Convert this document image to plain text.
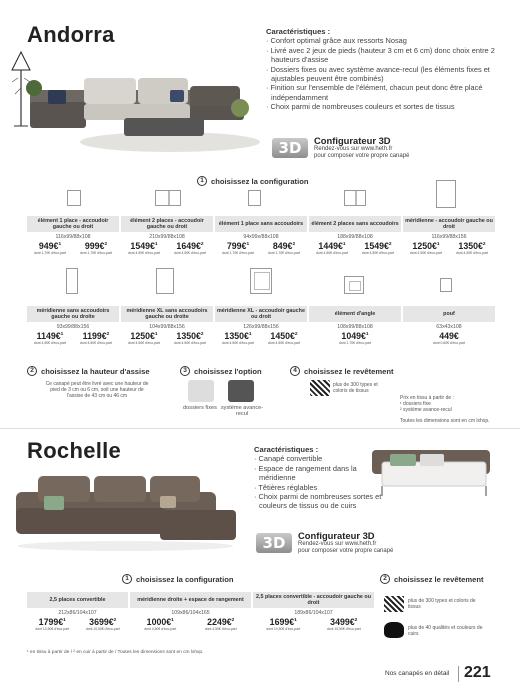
Andorra	Caractéristiques :
· Confort optimal grâce aux ressorts Nosag
· Livré avec 2 jeux de pieds (hauteur 3 cm et 6 cm) donc choix entre 2 hauteurs d'assise
· Dossiers fixes ou avec système avance-recul (les éléments fixes et ajustables peuvent être combinés)
· Finition sur l'ensemble de l'élément, chacun peut donc être placé indépendamment
· Choix parmi de nombreuses couleurs et sortes de tissus
3D	Configurateur 3D
Rendez-vous sur www.heth.fr
pour composer votre propre canapé
1 choisissez la configuration
élément 1 place - accoudoir gauche ou droit
116x99/88x108
949€$^1$	999€$^2$
dont 1,70€ d'éco-part	dont 1,70€ d'éco-part
élément 2 places - accoudoir gauche ou droit
210x99/88x108
1549€$^1$	1649€$^2$
dont 4,50€ d'éco-part	dont 4,50€ d'éco-part
élément 1 place sans accoudoirs
94x99x/88x108
799€$^1$	849€$^2$
dont 1,70€ d'éco-part	dont 1,70€ d'éco-part
élément 2 places sans accoudoirs
188x99/88x108
1449€$^1$	1549€$^2$
dont 4,50€ d'éco-part	dont 4,50€ d'éco-part
méridienne - accoudoir gauche ou droit
116x99/88x156
1250€$^1$	1350€$^2$
dont 4,50€ d'éco-part	dont 4,50€ d'éco-part
méridienne sans accoudoirs gauche ou droite
93x99/88x156
1149€$^1$	1199€$^2$
dont 4,50€ d'éco-part	dont 4,50€ d'éco-part
méridienne XL sans accoudoirs gauche ou droite
104x99/88x156
1250€$^1$	1350€$^2$
dont 4,50€ d'éco-part	dont 4,50€ d'éco-part
méridienne XL - accoudoir gauche ou droit
126x99/88x156
1350€$^1$	1450€$^2$
dont 4,50€ d'éco-part	dont 4,50€ d'éco-part
élément d'angle
108x99/88x108
1049€$^1$
dont 1,70€ d'éco-part
pouf
63x43x108
449€
dont 0,60€ d'éco-part
2 choisissez la hauteur d'assise
Ce canapé peut être livré avec une hauteur de pied de 3 cm ou 6 cm, soit une hauteur de l'assise de 43 cm ou 46 cm
3 choisissez l'option
dossiers fixes système avance-recul
4 choisissez le revêtement
plus de 300 types et coloris de tissus
Prix en tissu à partir de :
¹ dossiers fixe
² système avance-recul
Toutes les dimensions sont en cm lxhxp.
Rochelle	Caractéristiques :
· Canapé convertible
· Espace de rangement dans la méridienne
· Têtières réglables
· Choix parmi de nombreuses sortes et couleurs de tissus ou de cuirs
3D	Configurateur 3D
Rendez-vous sur www.heth.fr
pour composer votre propre canapé
1 choisissez la configuration
2,5 places convertible
212x86/104x107
1799€$^1$	3699€$^2$
dont 10,50€ d'éco-part	dont 10,50€ d'éco-part
méridienne droite + espace de rangement
109x86/104x165
1000€$^1$	2249€$^2$
dont 4,50€ d'éco-part	dont 4,50€ d'éco-part
2,5 places convertible - accoudoir gauche ou droit
189x86/104x107
1699€$^1$	3499€$^2$
dont 10,50€ d'éco-part	dont 10,50€ d'éco-part
2 choisissez le revêtement
plus de 300 types et coloris de tissus
plus de 40 qualités et couleurs de cuirs
¹ en tissu à partir de / ² en cuir à partir de / Toutes les dimensions sont en cm lxhxp.
Nos canapés en détail 221
